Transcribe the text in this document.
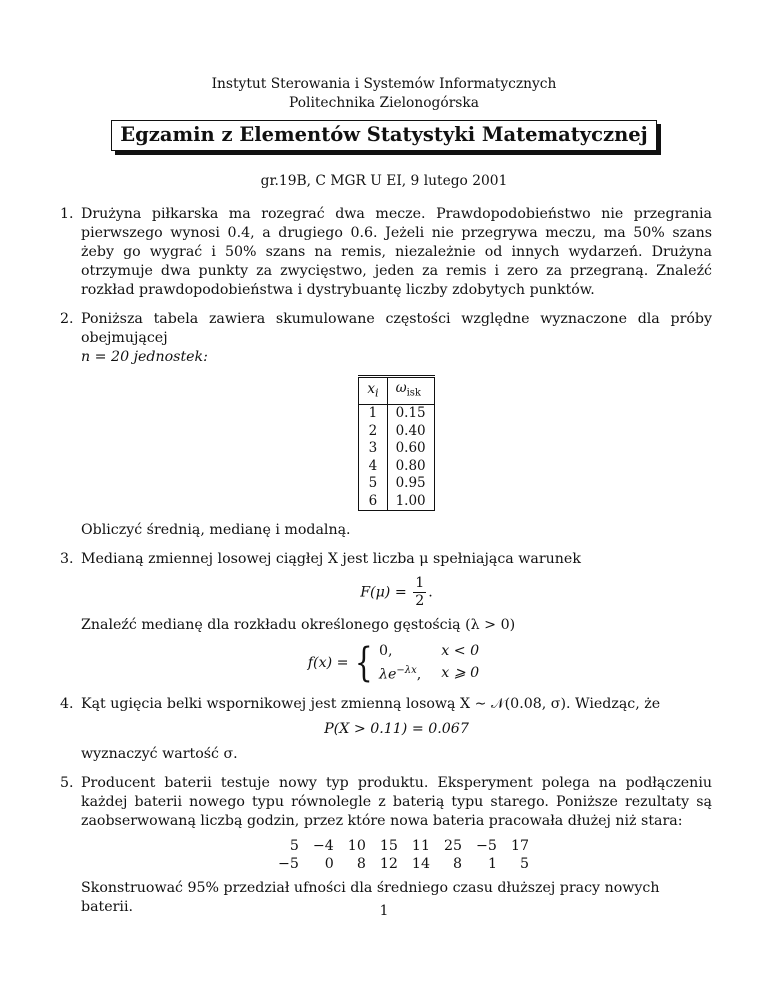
Instytut Sterowania i Systemów Informatycznych
Politechnika Zielonogórska
Egzamin z Elementów Statystyki Matematycznej
gr.19B, C MGR U EI, 9 lutego 2001
1. Drużyna piłkarska ma rozegrać dwa mecze. Prawdopodobieństwo nie przegrania pierwszego wynosi 0.4, a drugiego 0.6. Jeżeli nie przegrywa meczu, ma 50% szans żeby go wygrać i 50% szans na remis, niezależnie od innych wydarzeń. Drużyna otrzymuje dwa punkty za zwycięstwo, jeden za remis i zero za przegraną. Znaleźć rozkład prawdopodobieństwa i dystrybuantę liczby zdobytych punktów.
2. Poniższa tabela zawiera skumulowane częstości względne wyznaczone dla próby obejmującej
n = 20 jednostek:
$x_i$	$\omega_{isk}$
1	0.15
2	0.40
3	0.60
4	0.80
5	0.95
6	1.00
Obliczyć średnią, medianę i modalną.
3. Medianą zmiennej losowej ciągłej X jest liczba μ spełniająca warunek
$F(\mu) = \frac{1}{2}$ .
Znaleźć medianę dla rozkładu określonego gęstością (λ > 0)
f(x) = { 0,	x < 0
$\lambda e^{-\lambda x}$,	x ⩾ 0
4. Kąt ugięcia belki wspornikowej jest zmienną losową X ∼ 𝒩(0.08, σ). Wiedząc, że
P(X > 0.11) = 0.067
wyznaczyć wartość σ.
5. Producent baterii testuje nowy typ produktu. Eksperyment polega na podłączeniu każdej baterii nowego typu równolegle z baterią typu starego. Poniższe rezultaty są zaobserwowaną liczbą godzin, przez które nowa bateria pracowała dłużej niż stara:
5	−4	10	15	11	25	−5	17
−5	0	8	12	14	8	1	5
Skonstruować 95% przedział ufności dla średniego czasu dłuższej pracy nowych baterii.	1
